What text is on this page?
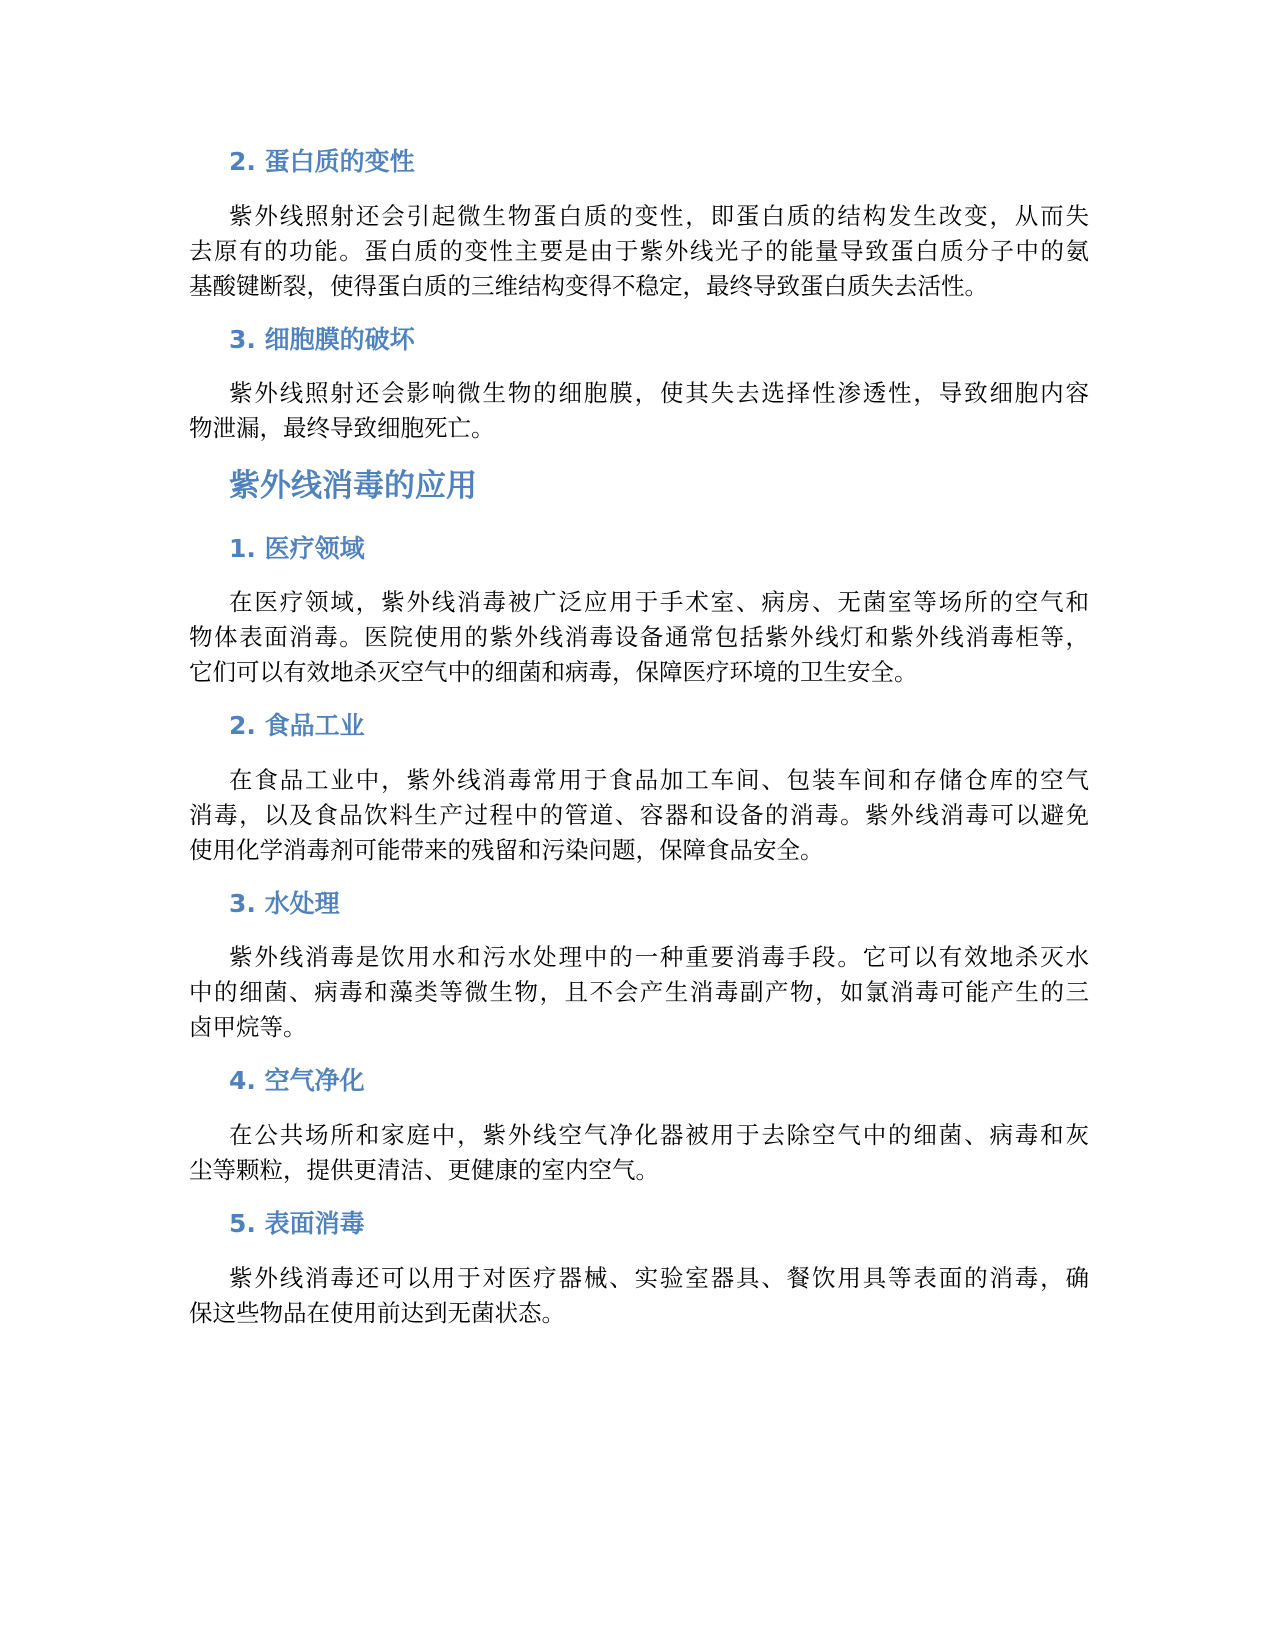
2. 蛋白质的变性
紫外线照射还会引起微生物蛋白质的变性，即蛋白质的结构发生改变，从而失
去原有的功能。蛋白质的变性主要是由于紫外线光子的能量导致蛋白质分子中的氨
基酸键断裂，使得蛋白质的三维结构变得不稳定，最终导致蛋白质失去活性。
3. 细胞膜的破坏
紫外线照射还会影响微生物的细胞膜，使其失去选择性渗透性，导致细胞内容
物泄漏，最终导致细胞死亡。
紫外线消毒的应用
1. 医疗领域
在医疗领域，紫外线消毒被广泛应用于手术室、病房、无菌室等场所的空气和
物体表面消毒。医院使用的紫外线消毒设备通常包括紫外线灯和紫外线消毒柜等，
它们可以有效地杀灭空气中的细菌和病毒，保障医疗环境的卫生安全。
2. 食品工业
在食品工业中，紫外线消毒常用于食品加工车间、包装车间和存储仓库的空气
消毒，以及食品饮料生产过程中的管道、容器和设备的消毒。紫外线消毒可以避免
使用化学消毒剂可能带来的残留和污染问题，保障食品安全。
3. 水处理
紫外线消毒是饮用水和污水处理中的一种重要消毒手段。它可以有效地杀灭水
中的细菌、病毒和藻类等微生物，且不会产生消毒副产物，如氯消毒可能产生的三
卤甲烷等。
4. 空气净化
在公共场所和家庭中，紫外线空气净化器被用于去除空气中的细菌、病毒和灰
尘等颗粒，提供更清洁、更健康的室内空气。
5. 表面消毒
紫外线消毒还可以用于对医疗器械、实验室器具、餐饮用具等表面的消毒，确
保这些物品在使用前达到无菌状态。
